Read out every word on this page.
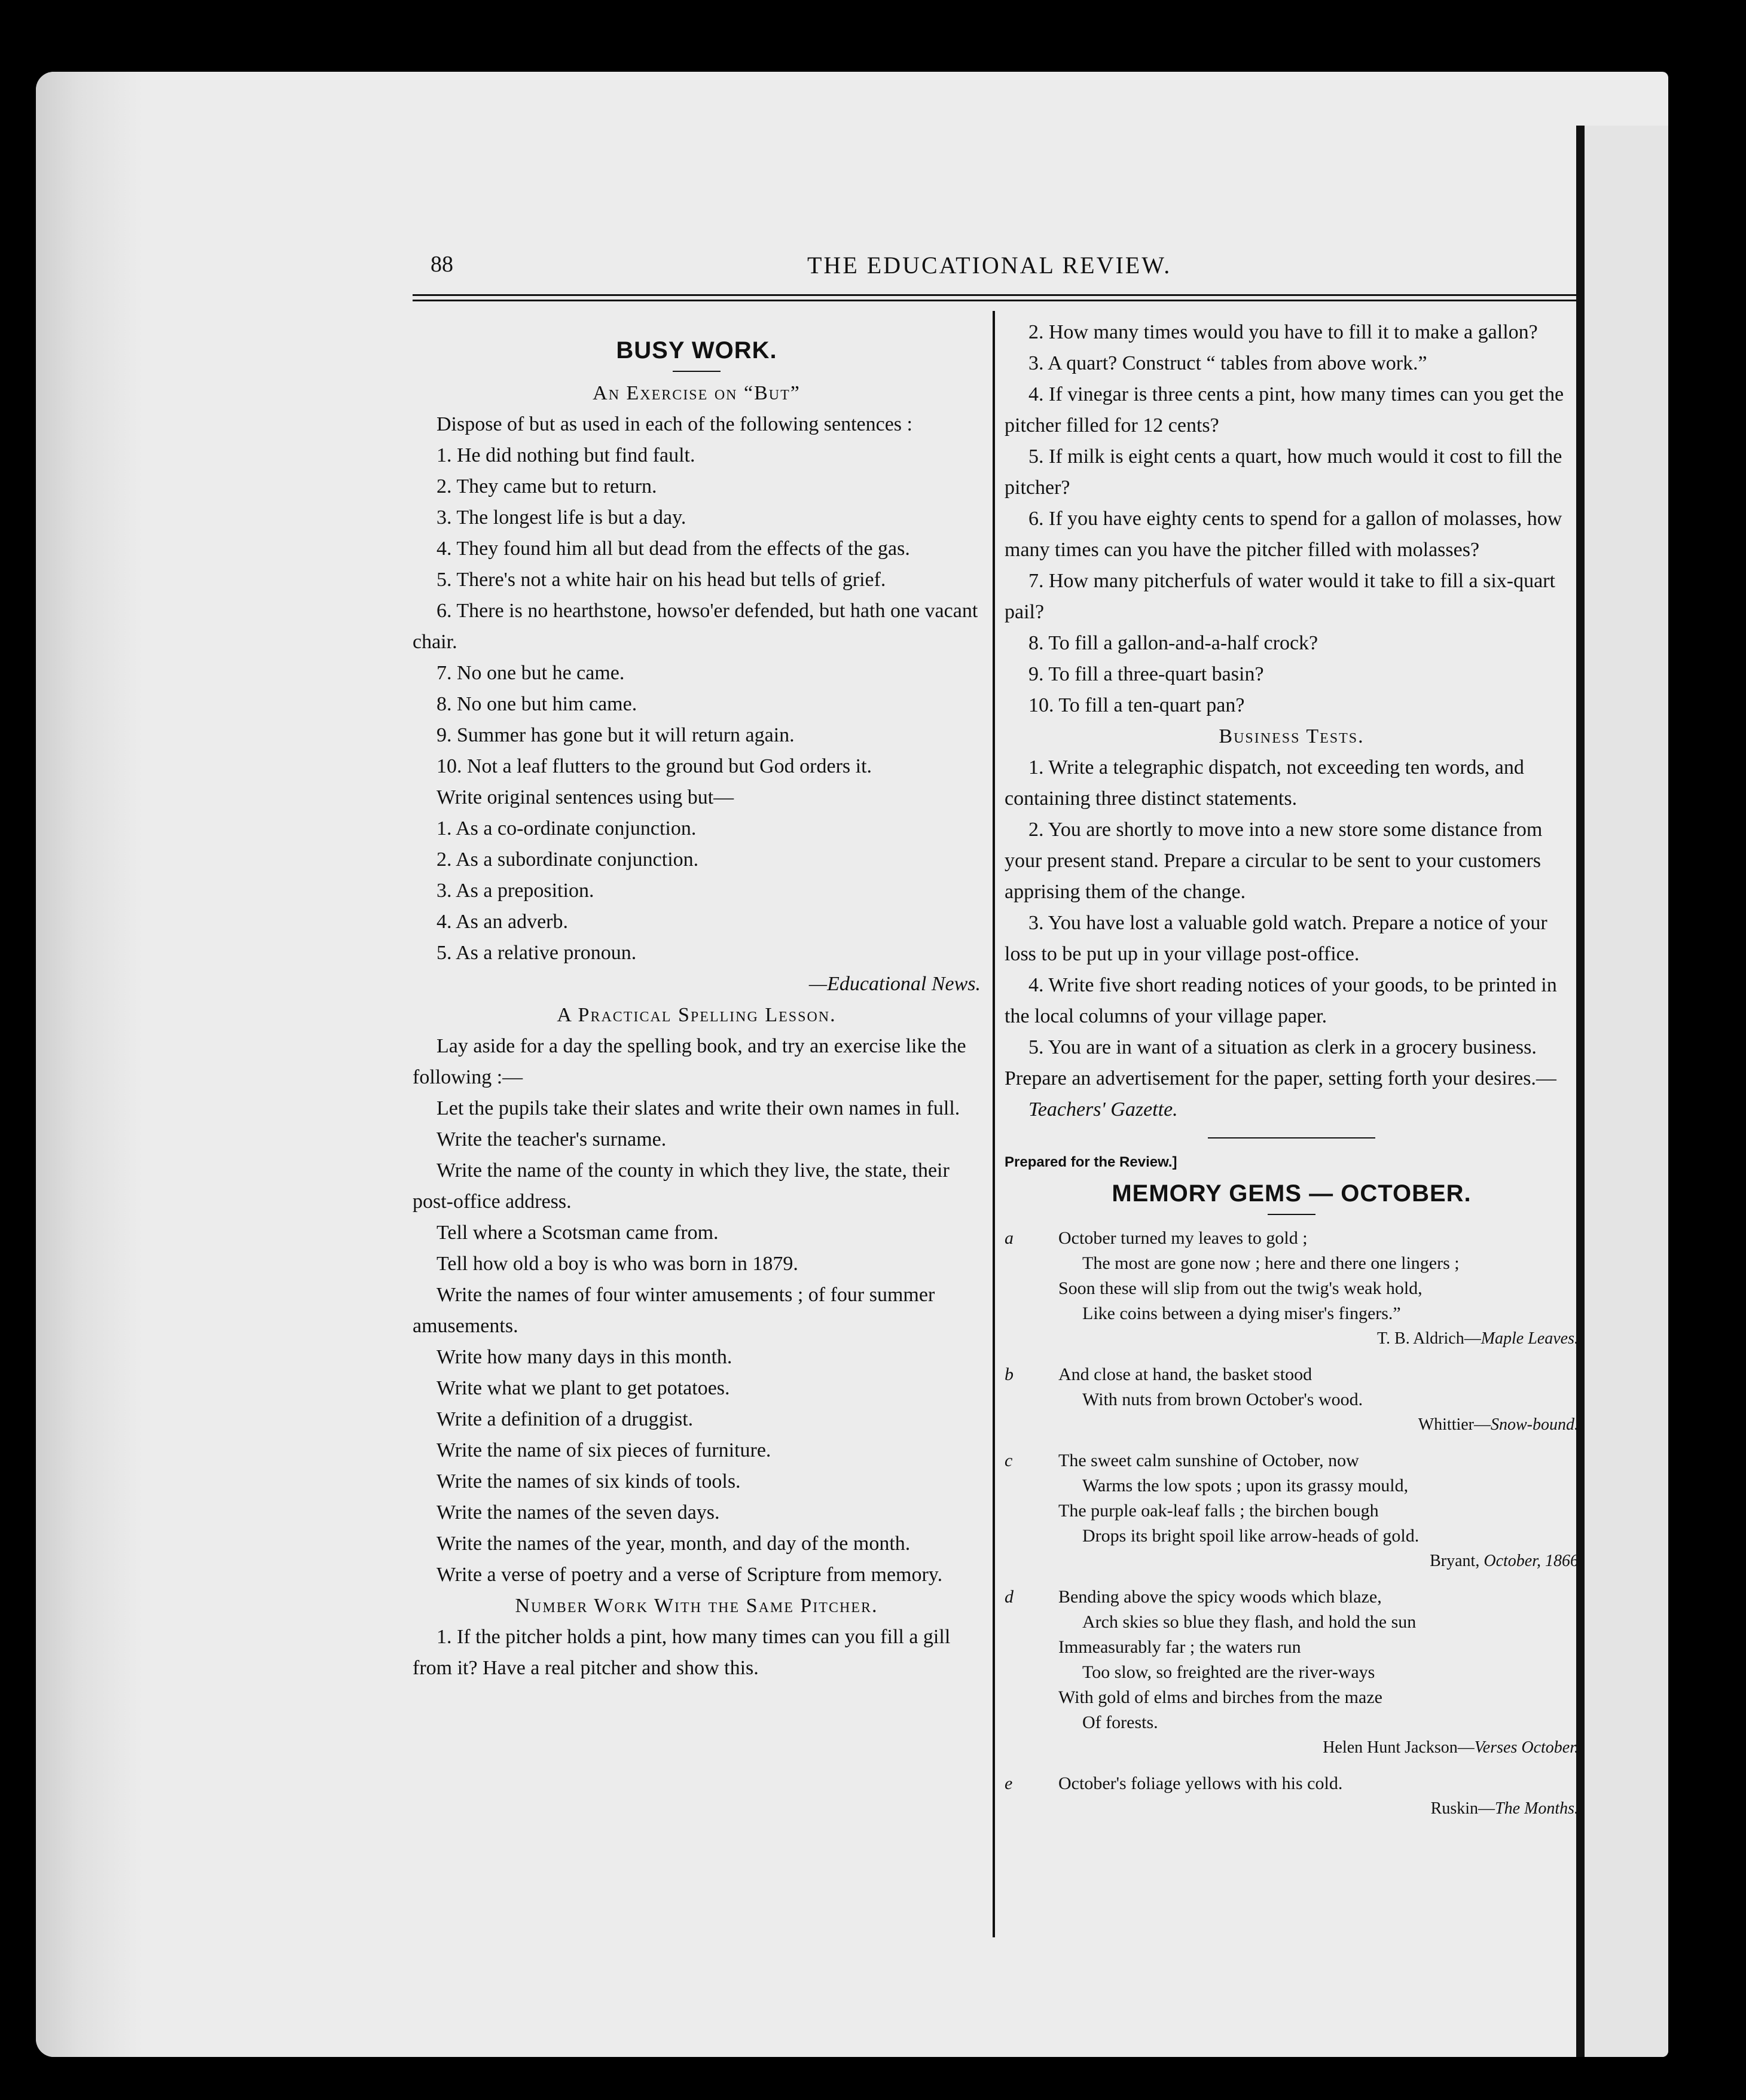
88	THE EDUCATIONAL REVIEW.

BUSY WORK.

An Exercise on “But”

Dispose of but as used in each of the following sentences :

1. He did nothing but find fault.

2. They came but to return.

3. The longest life is but a day.

4. They found him all but dead from the effects of the gas.

5. There's not a white hair on his head but tells of grief.

6. There is no hearthstone, howso'er defended, but hath one vacant chair.

7. No one but he came.

8. No one but him came.

9. Summer has gone but it will return again.

10. Not a leaf flutters to the ground but God orders it.

Write original sentences using but—

1. As a co-ordinate conjunction.

2. As a subordinate conjunction.

3. As a preposition.

4. As an adverb.

5. As a relative pronoun.

—Educational News.

A Practical Spelling Lesson.

Lay aside for a day the spelling book, and try an exercise like the following :—

Let the pupils take their slates and write their own names in full.

Write the teacher's surname.

Write the name of the county in which they live, the state, their post-office address.

Tell where a Scotsman came from.

Tell how old a boy is who was born in 1879.

Write the names of four winter amusements ; of four summer amusements.

Write how many days in this month.

Write what we plant to get potatoes.

Write a definition of a druggist.

Write the name of six pieces of furniture.

Write the names of six kinds of tools.

Write the names of the seven days.

Write the names of the year, month, and day of the month.

Write a verse of poetry and a verse of Scripture from memory.

Number Work With the Same Pitcher.

1. If the pitcher holds a pint, how many times can you fill a gill from it? Have a real pitcher and show this.

2. How many times would you have to fill it to make a gallon?

3. A quart? Construct “ tables from above work.”

4. If vinegar is three cents a pint, how many times can you get the pitcher filled for 12 cents?

5. If milk is eight cents a quart, how much would it cost to fill the pitcher?

6. If you have eighty cents to spend for a gallon of molasses, how many times can you have the pitcher filled with molasses?

7. How many pitcherfuls of water would it take to fill a six-quart pail?

8. To fill a gallon-and-a-half crock?

9. To fill a three-quart basin?

10. To fill a ten-quart pan?

Business Tests.

1. Write a telegraphic dispatch, not exceeding ten words, and containing three distinct statements.

2. You are shortly to move into a new store some distance from your present stand. Prepare a circular to be sent to your customers apprising them of the change.

3. You have lost a valuable gold watch. Prepare a notice of your loss to be put up in your village post-office.

4. Write five short reading notices of your goods, to be printed in the local columns of your village paper.

5. You are in want of a situation as clerk in a grocery business. Prepare an advertisement for the paper, setting forth your desires.—

Teachers' Gazette.

Prepared for the Review.]

MEMORY GEMS — OCTOBER.

a	October turned my leaves to gold ;
The most are gone now ; here and there one lingers ;
Soon these will slip from out the twig's weak hold,
Like coins between a dying miser's fingers.”
T. B. Aldrich—Maple Leaves.
b	And close at hand, the basket stood
With nuts from brown October's wood.
Whittier—Snow-bound.
c	The sweet calm sunshine of October, now
Warms the low spots ; upon its grassy mould,
The purple oak-leaf falls ; the birchen bough
Drops its bright spoil like arrow-heads of gold.
Bryant, October, 1866
d	Bending above the spicy woods which blaze,
Arch skies so blue they flash, and hold the sun
Immeasurably far ; the waters run
Too slow, so freighted are the river-ways
With gold of elms and birches from the maze
Of forests.
Helen Hunt Jackson—Verses October.
e	October's foliage yellows with his cold.
Ruskin—The Months.
